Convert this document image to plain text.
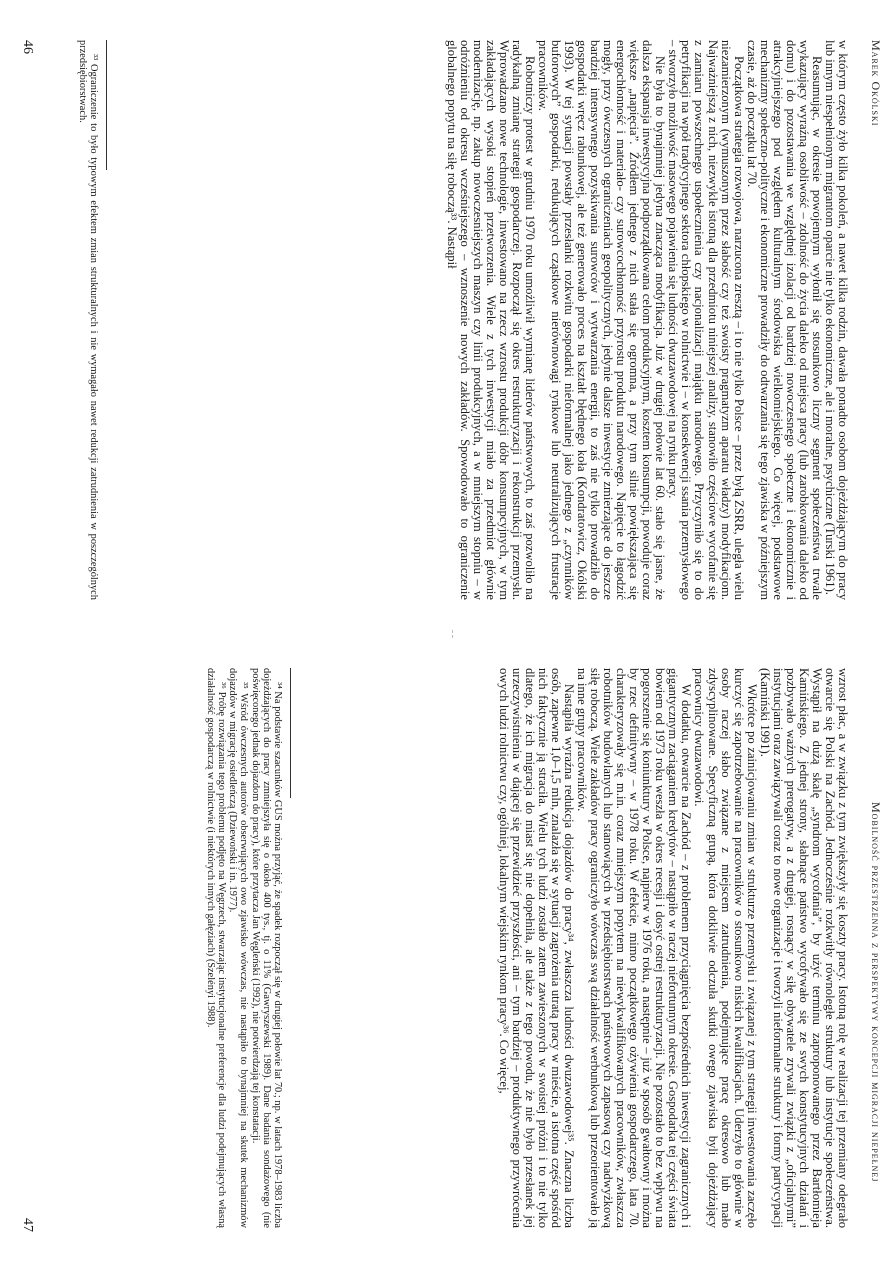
Marek Okólski

w którym często żyło kilka pokoleń, a nawet kilka rodzin, dawała ponadto osobom dojeżdżającym do pracy lub innym niespełnionym migrantom oparcie nie tylko ekonomiczne, ale i moralne, psychiczne (Turski 1961).

Reasumując, w okresie powojennym wyłonił się stosunkowo liczny segment społeczeństwa trwale wykazujący wyraźną osobliwość – zdolność do życia daleko od miejsca pracy (lub zarobkowania daleko od domu) i do pozostawania we względnej izolacji od bardziej nowoczesnego społeczne i ekonomicznie i atrakcyjniejszego pod względem kulturalnym środowiska wielkomiejskiego. Co więcej, podstawowe mechanizmy społeczno-polityczne i ekonomiczne prowadziły do odtwarzania się tego zjawiska w późniejszym czasie, aż do początku lat 70.

Początkowa strategia rozwojowa, narzucona zresztą – i to nie tylko Polsce – przez byłą ZSRR, uległa wielu niezamierzonym (wymuszonym przez słabość czy też swoisty pragmatyzm aparatu władzy) modyfikacjom. Najważniejszą z nich, niezwykle istotną dla przedmiotu niniejszej analizy, stanowiło częściowe wycofanie się z zamiaru powszechnego uspołecznienia czy nacjonalizacji majątku narodowego. Przyczyniło się to do petryfikacji na wpół tradycyjnego sektora chłopskiego w rolnictwie i – w konsekwencji ssania przemysłowego – stworzyło możliwość masowego pojawienia się ludności dwuzawodowej na rynku pracy.

Nie była to bynajmniej jedyna znacząca modyfikacja. Już w drugiej połowie lat 60. stało się jasne, że dalsza ekspansja inwestycyjna podporządkowana celom produkcyjnym, kosztem konsumpcji, powoduje coraz większe „napięcia”. Źródłem jednego z nich stała się ogromna, a przy tym silnie powiększająca się energochłonność i materiało- czy surowcochłonność przyrostu produktu narodowego. Napięcie to łagodzić mogły, przy ówczesnych ograniczeniach geopolitycznych, jedynie dalsze inwestycje zmierzające do jeszcze bardziej intensywnego pozyskiwania surowców i wytwarzania energii, to zaś nie tylko prowadziło do gospodarki wręcz rabunkowej, ale też generowało proces na kształt błędnego koła (Kondratowicz, Okólski 1993). W tej sytuacji powstały przesłanki rozkwitu gospodarki nieformalnej jako jednego z „czynników buforowych” gospodarki, redukujących cząstkowe nierównowagi rynkowe lub neutralizujących frustracje pracowników.

Robotniczy protest w grudniu 1970 roku umożliwił wymianę liderów państwowych, to zaś pozwoliło na radykalną zmianę strategii gospodarczej. Rozpoczął się okres restrukturyzacji i rekonstrukcji przemysłu. Wprowadzano nowe technologie, inwestowano na rzecz wzrostu produkcji dóbr konsumpcyjnych, w tym zakładających wysoki stopień przetworzenia. Wiele z tych inwestycji miało za przedmiot głównie modernizację, np. zakup nowoczesniejszych maszyn czy linii produkcyjnych, a w mniejszym stopniu – w odróżnieniu od okresu wcześniejszego – wznoszenie nowych zakładów. Spowodowało to ograniczenie globalnego popytu na siłę roboczą³³. Nastąpił

³³ Ograniczenie to było typowym efektem zmian strukturalnych i nie wymagało nawet redukcji zatrudnienia w poszczególnych przedsiębiorstwach.

46
Mobilność przestrzenna z perspektywy koncepcji migracji niepełnej

wzrost płac, a w związku z tym zwiększyły się koszty pracy. Istotną rolę w realizacji tej przemiany odegrało otwarcie się Polski na Zachód. Jednocześnie rozkwitły równoległe struktury lub instytucje społeczeństwa. Wystąpił na dużą skalę „syndrom wycofania”, by użyć terminu zaproponowanego przez Bartłomieja Kamińskiego. Z jednej strony, słabnące państwo wycofywało się ze swych konstytucyjnych działań i pozbywało ważnych prerogatyw, a z drugiej, rosnący w siłę obywatele zrywali związki z „oficjalnymi” instytucjami oraz zawiązywali coraz to nowe organizacje i tworzyli nieformalne struktury i formy partycypacji (Kamiński 1991).

Wkrótce po zainicjowaniu zmian w strukturze przemysłu i związanej z tym strategii inwestowania zaczęło kurczyć się zapotrzebowanie na pracowników o stosunkowo niskich kwalifikacjach. Uderzyło to głównie w osoby raczej słabo związane z miejscem zatrudnienia, podejmujące pracę okresowo lub mało zdyscyplinowane. Specyficzną grupą, która dotkliwie odczuła skutki owego zjawiska byli dojeżdżający pracownicy dwuzawodowi.

W dodatku, otwarcie na Zachód – z problemem przyciągnięcia bezpośrednich inwestycji zagranicznych i gigantycznym zaciąganiem kredytów – nastąpiło w raczej niefortunnym okresie. Gospodarka tej części świata bowiem od 1973 roku weszła w okres recesji i dosyć ostrej restrukturyzacji. Nie pozostało to bez wpływu na pogorszenie się koniunktury w Polsce, najpierw w 1976 roku, a następnie – już w sposób gwałtowny i można by rzec definitywny – w 1978 roku. W efekcie, mimo początkowego ożywienia gospodarczego, lata 70. charakteryzowały się m.in. coraz mniejszym popytem na niewykwalifikowanych pracowników, zwłaszcza robotników budowlanych lub stanowiących w przedsiębiorstwach państwowych zapasową czy nadwyżkową siłę roboczą. Wiele zakładów pracy ograniczyło wówczas swą działalność werbunkową lub przeorientowało ją na inne grupy pracowników.

Nastąpiła wyraźna redukcja dojazdów do pracy³⁴, zwłaszcza ludności dwuzawodowej³⁵. Znaczna liczba osób, zapewne 1,0–1,5 mln, znalazła się w sytuacji zagrożenia utratą pracy w mieście, a istotna część spośród nich faktycznie ją straciła. Wielu tych ludzi zostało zatem zawieszonych w swoistej próżni i to nie tylko dlatego, że ich migracja do miast się nie dopełniła, ale także z tego powodu, że nie było przesłanek jej urzeczywistnienia w dającej się przewidzieć przyszłości, ani – tym bardziej – produktywnego przywrócenia owych ludzi rolnictwu czy, ogólniej, lokalnym wiejskim rynkom pracy³⁶. Co więcej,

³⁴ Na podstawie szacunków GUS można przyjąć, że spadek rozpoczął się w drugiej połowie lat 70.; np. w latach 1978–1983 liczba dojeżdżających do pracy zmniejszyła się o około 400 tys., tj. o 11% (Gawryszewski 1989). Dane badania sondażowego (nie poświęconego jednak dojazdom do pracy), które przytacza Jan Węgleński (1992), nie potwierdzają tej konstatacji.

³⁵ Wśród ówczesnych autorów obserwujących owo zjawisko wówczas, nie nastąpiło to bynajmniej na skutek mechanizmów dojazdów w migrację osiedleńczą (Dziewoński i in. 1977).

³⁶ Próbę rozwiązania tego problemu podjęto na Węgrzech, stwarzając instytucjonalne preferencje dla ludzi podejmujących własną działalność gospodarczą w rolnictwie (i niektórych innych gałęziach) (Szelényi 1988).

47
